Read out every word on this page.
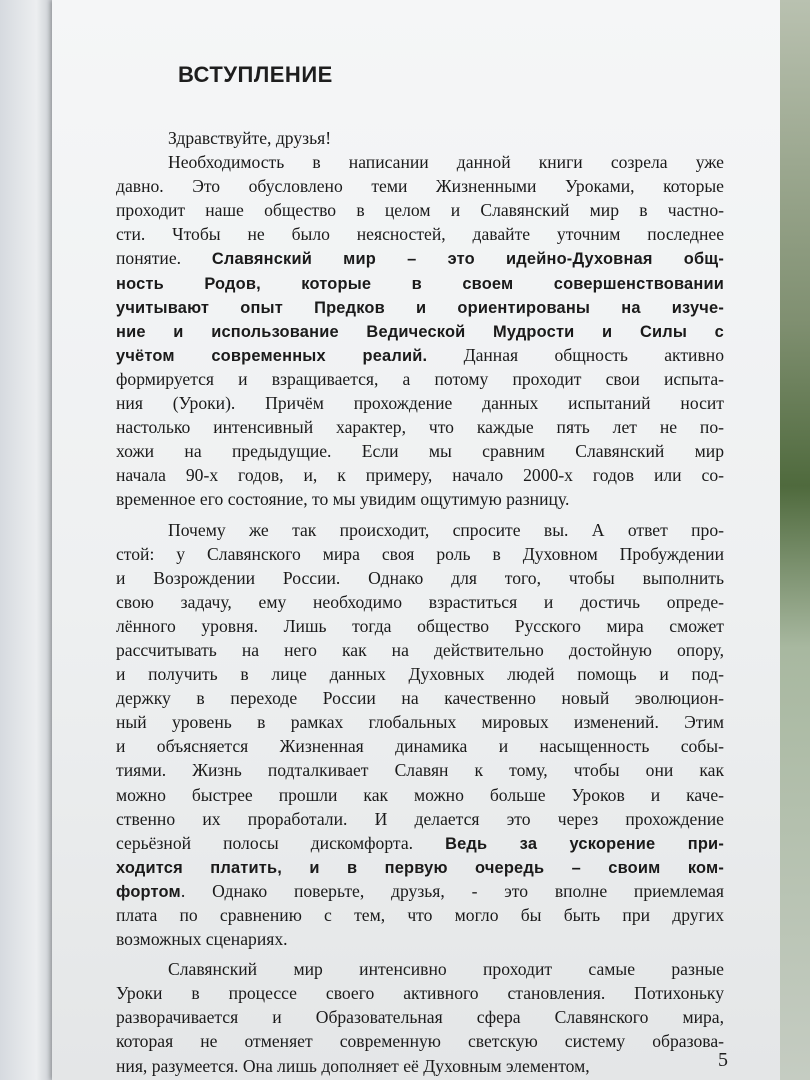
ВСТУПЛЕНИЕ
Здравствуйте, друзья!
Необходимость в написании данной книги созрела уже
давно. Это обусловлено теми Жизненными Уроками, которые
проходит наше общество в целом и Славянский мир в частно-
сти. Чтобы не было неясностей, давайте уточним последнее
понятие. Славянский мир – это идейно-Духовная общ-
ность Родов, которые в своем совершенствовании
учитывают опыт Предков и ориентированы на изуче-
ние и использование Ведической Мудрости и Силы с
учётом современных реалий. Данная общность активно
формируется и взращивается, а потому проходит свои испыта-
ния (Уроки). Причём прохождение данных испытаний носит
настолько интенсивный характер, что каждые пять лет не по-
хожи на предыдущие. Если мы сравним Славянский мир
начала 90-х годов, и, к примеру, начало 2000-х годов или со-
временное его состояние, то мы увидим ощутимую разницу.
Почему же так происходит, спросите вы. А ответ про-
стой: у Славянского мира своя роль в Духовном Пробуждении
и Возрождении России. Однако для того, чтобы выполнить
свою задачу, ему необходимо взраститься и достичь опреде-
лённого уровня. Лишь тогда общество Русского мира сможет
рассчитывать на него как на действительно достойную опору,
и получить в лице данных Духовных людей помощь и под-
держку в переходе России на качественно новый эволюцион-
ный уровень в рамках глобальных мировых изменений. Этим
и объясняется Жизненная динамика и насыщенность собы-
тиями. Жизнь подталкивает Славян к тому, чтобы они как
можно быстрее прошли как можно больше Уроков и каче-
ственно их проработали. И делается это через прохождение
серьёзной полосы дискомфорта. Ведь за ускорение при-
ходится платить, и в первую очередь – своим ком-
фортом. Однако поверьте, друзья, - это вполне приемлемая
плата по сравнению с тем, что могло бы быть при других
возможных сценариях.
Славянский мир интенсивно проходит самые разные
Уроки в процессе своего активного становления. Потихоньку
разворачивается и Образовательная сфера Славянского мира,
которая не отменяет современную светскую систему образова-
ния, разумеется. Она лишь дополняет её Духовным элементом,	5
